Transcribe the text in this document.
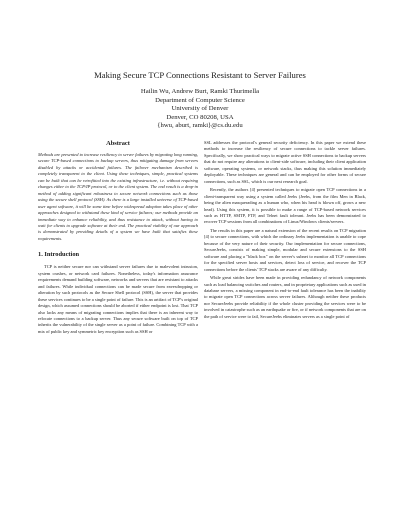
Making Secure TCP Connections Resistant to Server Failures
Hailin Wu, Andrew Burt, Ramki Thurimella
Department of Computer Science
University of Denver
Denver, CO 80208, USA
{hwu, aburt, ramki}@cs.du.edu
Abstract

Methods are presented to increase resiliency to server failures by migrating long running, secure TCP-based connections to backup servers, thus mitigating damage from servers disabled by attacks or accidental failures. The failover mechanism described is completely transparent to the client. Using these techniques, simple, practical systems can be built that can be retrofitted into the existing infrastructure, i.e. without requiring changes either to the TCP/IP protocol, or to the client system. The end result is a drop-in method of adding significant robustness to secure network connections such as those using the secure shell protocol (SSH). As there is a large installed universe of TCP-based user agent software, it will be some time before widespread adoption takes place of other approaches designed to withstand these kind of service failures; our methods provide an immediate way to enhance reliability, and thus resistance to attack, without having to wait for clients to upgrade software at their end. The practical viability of our approach is demonstrated by providing details of a system we have built that satisfies these requirements.

1. Introduction

TCP is neither secure nor can withstand server failures due to malevolent intrusion, system crashes, or network card failures. Nonetheless, today's information assurance requirements demand building software, networks and servers that are resistant to attacks and failures. While individual connections can be made secure from eavesdropping or alteration by such protocols as the Secure Shell protocol (SSH), the server that provides these services continues to be a single point of failure. This is an artifact of TCP's original design, which assumed connections should be aborted if either endpoint is lost. That TCP also lacks any means of migrating connections implies that there is an inherent way to relocate connections to a backup server. Thus any secure software built on top of TCP inherits the vulnerability of the single server as a point of failure. Combining TCP with a mix of public key and symmetric key encryption such as SSH or

SSL addresses the protocol's general security deficiency. In this paper we extend these methods to increase the resiliency of secure connections to tackle server failures. Specifically, we show practical ways to migrate active SSH connections to backup servers that do not require any alterations to client-side software, including their client application software, operating systems, or network stacks, thus making this solution immediately deployable. These techniques are general and can be employed for other forms of secure connections, such as SSL, which is our next research goal.

Recently, the authors [4] presented techniques to migrate open TCP connections in a client-transparent way using a system called Jeebs (Jeebs, from the film Men in Black, being the alien masquerading as a human who, when his head is blown off, grows a new head). Using this system, it is possible to make a range of TCP-based network services such as HTTP, SMTP, FTP, and Telnet fault tolerant. Jeebs has been demonstrated to recover TCP sessions from all combinations of Linux/Windows clients/servers.

The results in this paper are a natural extension of the recent results on TCP migration [4] to secure connections, with which the ordinary Jeebs implementation is unable to cope because of the very nature of their security. Our implementation for secure connections, SecureJeebs, consists of making simple, modular and secure extensions to the SSH software and placing a "black box" on the server's subnet to monitor all TCP connections for the specified server hosts and services, detect loss of service, and recover the TCP connections before the clients' TCP stacks are aware of any difficulty.

While great strides have been made in providing redundancy of network components such as load balancing switches and routers, and in proprietary applications such as used in database servers, a missing component in end-to-end fault tolerance has been the inability to migrate open TCP connections across server failures. Although neither these products nor SecureJeebs provide reliability if the whole cluster providing the services were to be involved in catastrophe such as an earthquake or fire, or if network components that are on the path of service were to fail, SecureJeebs eliminates servers as a single point of
